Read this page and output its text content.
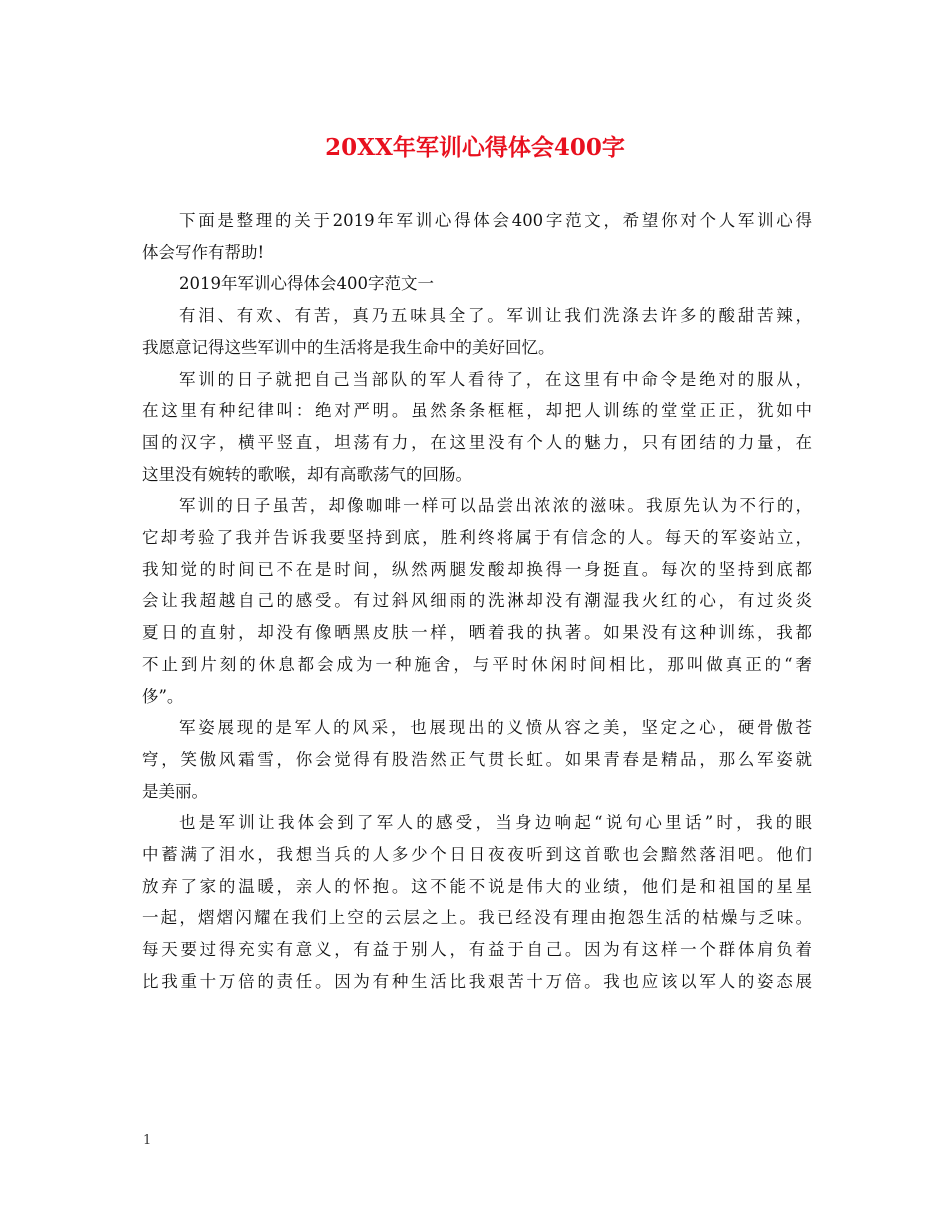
20XX年军训心得体会400字

下面是整理的关于2019年军训心得体会400字范文，希望你对个人军训心得
体会写作有帮助!

2019年军训心得体会400字范文一

有泪、有欢、有苦，真乃五味具全了。军训让我们洗涤去许多的酸甜苦辣，
我愿意记得这些军训中的生活将是我生命中的美好回忆。

军训的日子就把自己当部队的军人看待了，在这里有中命令是绝对的服从，
在这里有种纪律叫：绝对严明。虽然条条框框，却把人训练的堂堂正正，犹如中
国的汉字，横平竖直，坦荡有力，在这里没有个人的魅力，只有团结的力量，在
这里没有婉转的歌喉，却有高歌荡气的回肠。

军训的日子虽苦，却像咖啡一样可以品尝出浓浓的滋味。我原先认为不行的，
它却考验了我并告诉我要坚持到底，胜利终将属于有信念的人。每天的军姿站立，
我知觉的时间已不在是时间，纵然两腿发酸却换得一身挺直。每次的坚持到底都
会让我超越自己的感受。有过斜风细雨的洗淋却没有潮湿我火红的心，有过炎炎
夏日的直射，却没有像晒黑皮肤一样，晒着我的执著。如果没有这种训练，我都
不止到片刻的休息都会成为一种施舍，与平时休闲时间相比，那叫做真正的“奢
侈”。

军姿展现的是军人的风采，也展现出的义愤从容之美，坚定之心，硬骨傲苍
穹，笑傲风霜雪，你会觉得有股浩然正气贯长虹。如果青春是精品，那么军姿就
是美丽。

也是军训让我体会到了军人的感受，当身边响起“说句心里话”时，我的眼
中蓄满了泪水，我想当兵的人多少个日日夜夜听到这首歌也会黯然落泪吧。他们
放弃了家的温暖，亲人的怀抱。这不能不说是伟大的业绩，他们是和祖国的星星
一起，熠熠闪耀在我们上空的云层之上。我已经没有理由抱怨生活的枯燥与乏味。
每天要过得充实有意义，有益于别人，有益于自己。因为有这样一个群体肩负着
比我重十万倍的责任。因为有种生活比我艰苦十万倍。我也应该以军人的姿态展

1
